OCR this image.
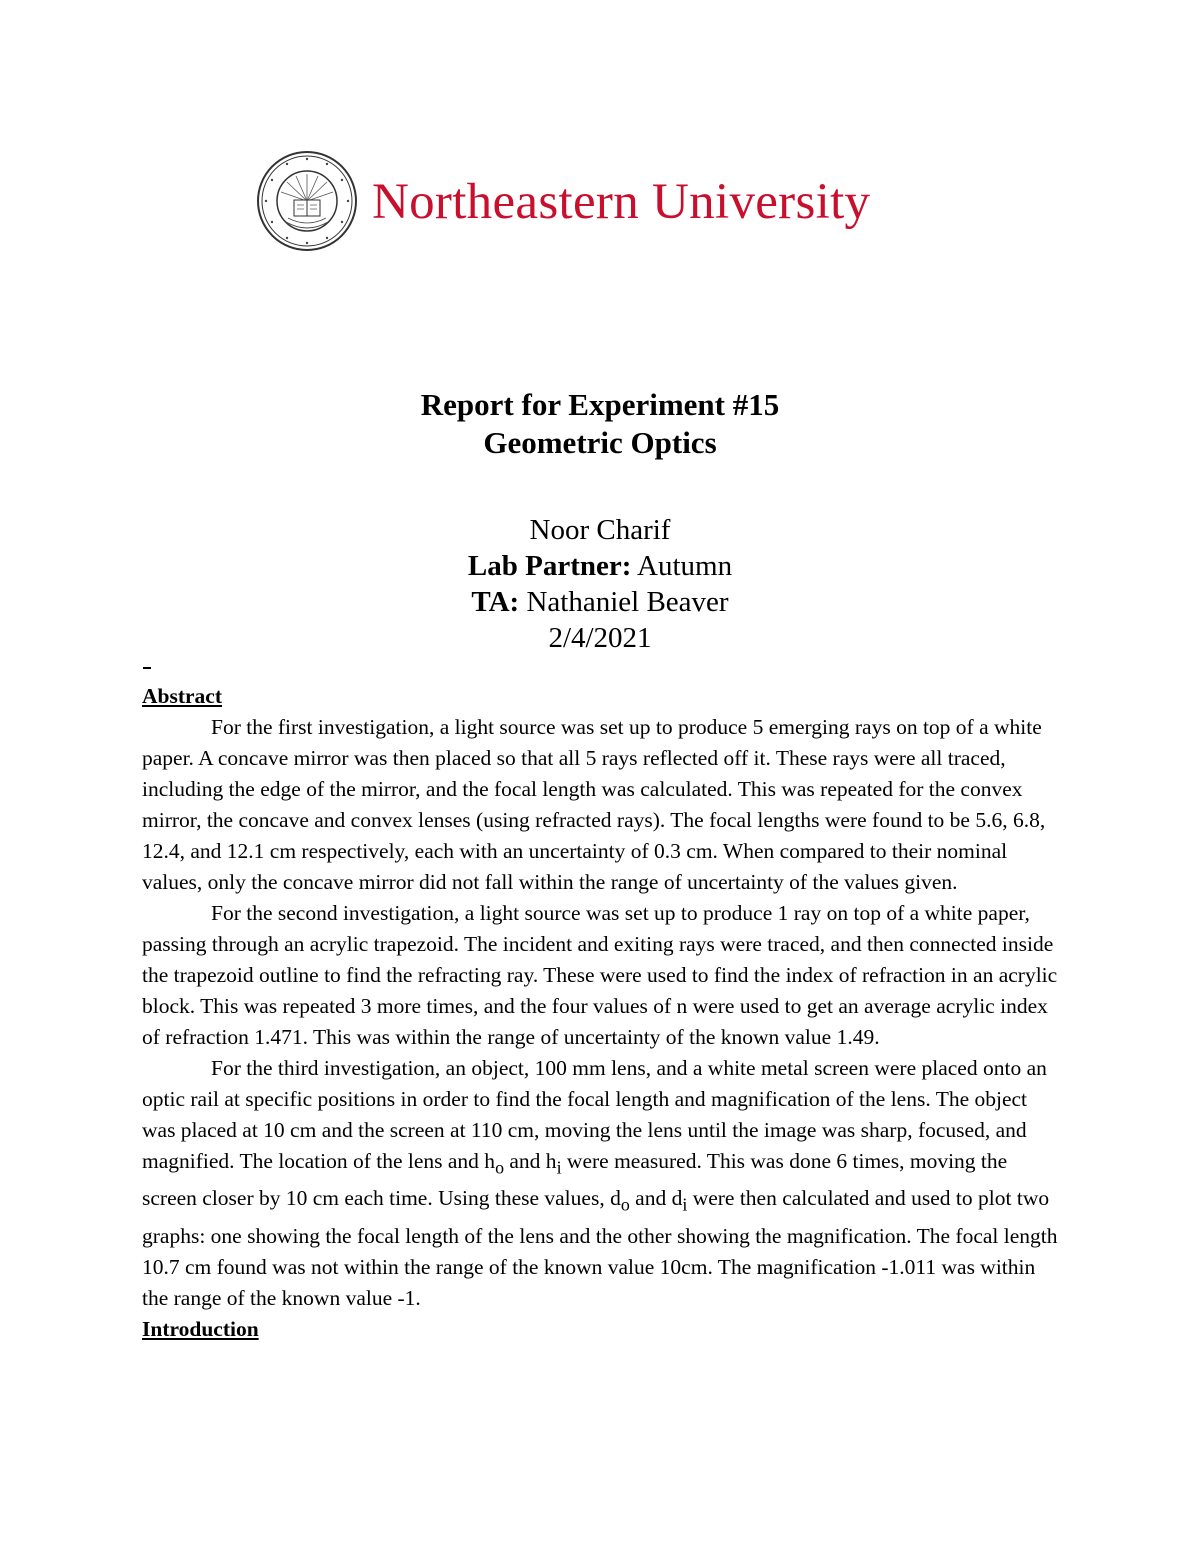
Northeastern University
Report for Experiment #15
Geometric Optics
Noor Charif
Lab Partner: Autumn
TA: Nathaniel Beaver
2/4/2021

Abstract

For the first investigation, a light source was set up to produce 5 emerging rays on top of a white paper. A concave mirror was then placed so that all 5 rays reflected off it. These rays were all traced, including the edge of the mirror, and the focal length was calculated. This was repeated for the convex mirror, the concave and convex lenses (using refracted rays). The focal lengths were found to be 5.6, 6.8, 12.4, and 12.1 cm respectively, each with an uncertainty of 0.3 cm. When compared to their nominal values, only the concave mirror did not fall within the range of uncertainty of the values given.

For the second investigation, a light source was set up to produce 1 ray on top of a white paper, passing through an acrylic trapezoid. The incident and exiting rays were traced, and then connected inside the trapezoid outline to find the refracting ray. These were used to find the index of refraction in an acrylic block. This was repeated 3 more times, and the four values of n were used to get an average acrylic index of refraction 1.471. This was within the range of uncertainty of the known value 1.49.

For the third investigation, an object, 100 mm lens, and a white metal screen were placed onto an optic rail at specific positions in order to find the focal length and magnification of the lens. The object was placed at 10 cm and the screen at 110 cm, moving the lens until the image was sharp, focused, and magnified. The location of the lens and $h_o$ and $h_i$ were measured. This was done 6 times, moving the screen closer by 10 cm each time. Using these values, $d_o$ and $d_i$ were then calculated and used to plot two graphs: one showing the focal length of the lens and the other showing the magnification. The focal length 10.7 cm found was not within the range of the known value 10cm. The magnification -1.011 was within the range of the known value -1.

Introduction
